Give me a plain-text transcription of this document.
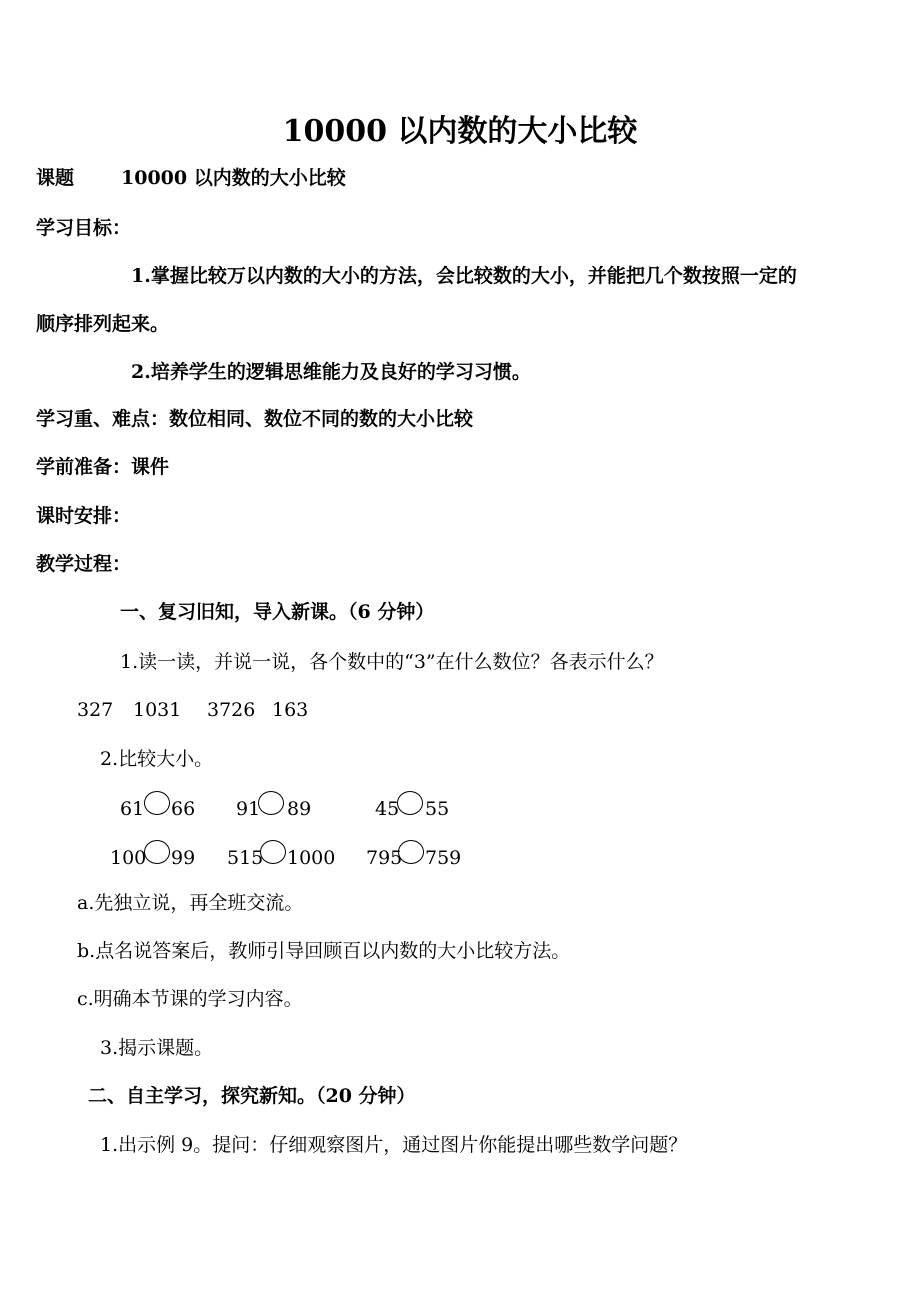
10000 以内数的大小比较
课题 10000 以内数的大小比较
学习目标：
1.掌握比较万以内数的大小的方法，会比较数的大小，并能把几个数按照一定的
顺序排列起来。
2.培养学生的逻辑思维能力及良好的学习习惯。
学习重、难点：数位相同、数位不同的数的大小比较
学前准备：课件
课时安排：
教学过程：
一、复习旧知，导入新课。（6 分钟）
1.读一读，并说一说，各个数中的“3”在什么数位？各表示什么？
327 1031 3726 163
2.比较大小。
61 66 91 89	45 55
100 99 515 1000 795 759
a.先独立说，再全班交流。
b.点名说答案后，教师引导回顾百以内数的大小比较方法。
c.明确本节课的学习内容。
3.揭示课题。
二、自主学习，探究新知。（20 分钟）
1.出示例 9。提问：仔细观察图片，通过图片你能提出哪些数学问题？
